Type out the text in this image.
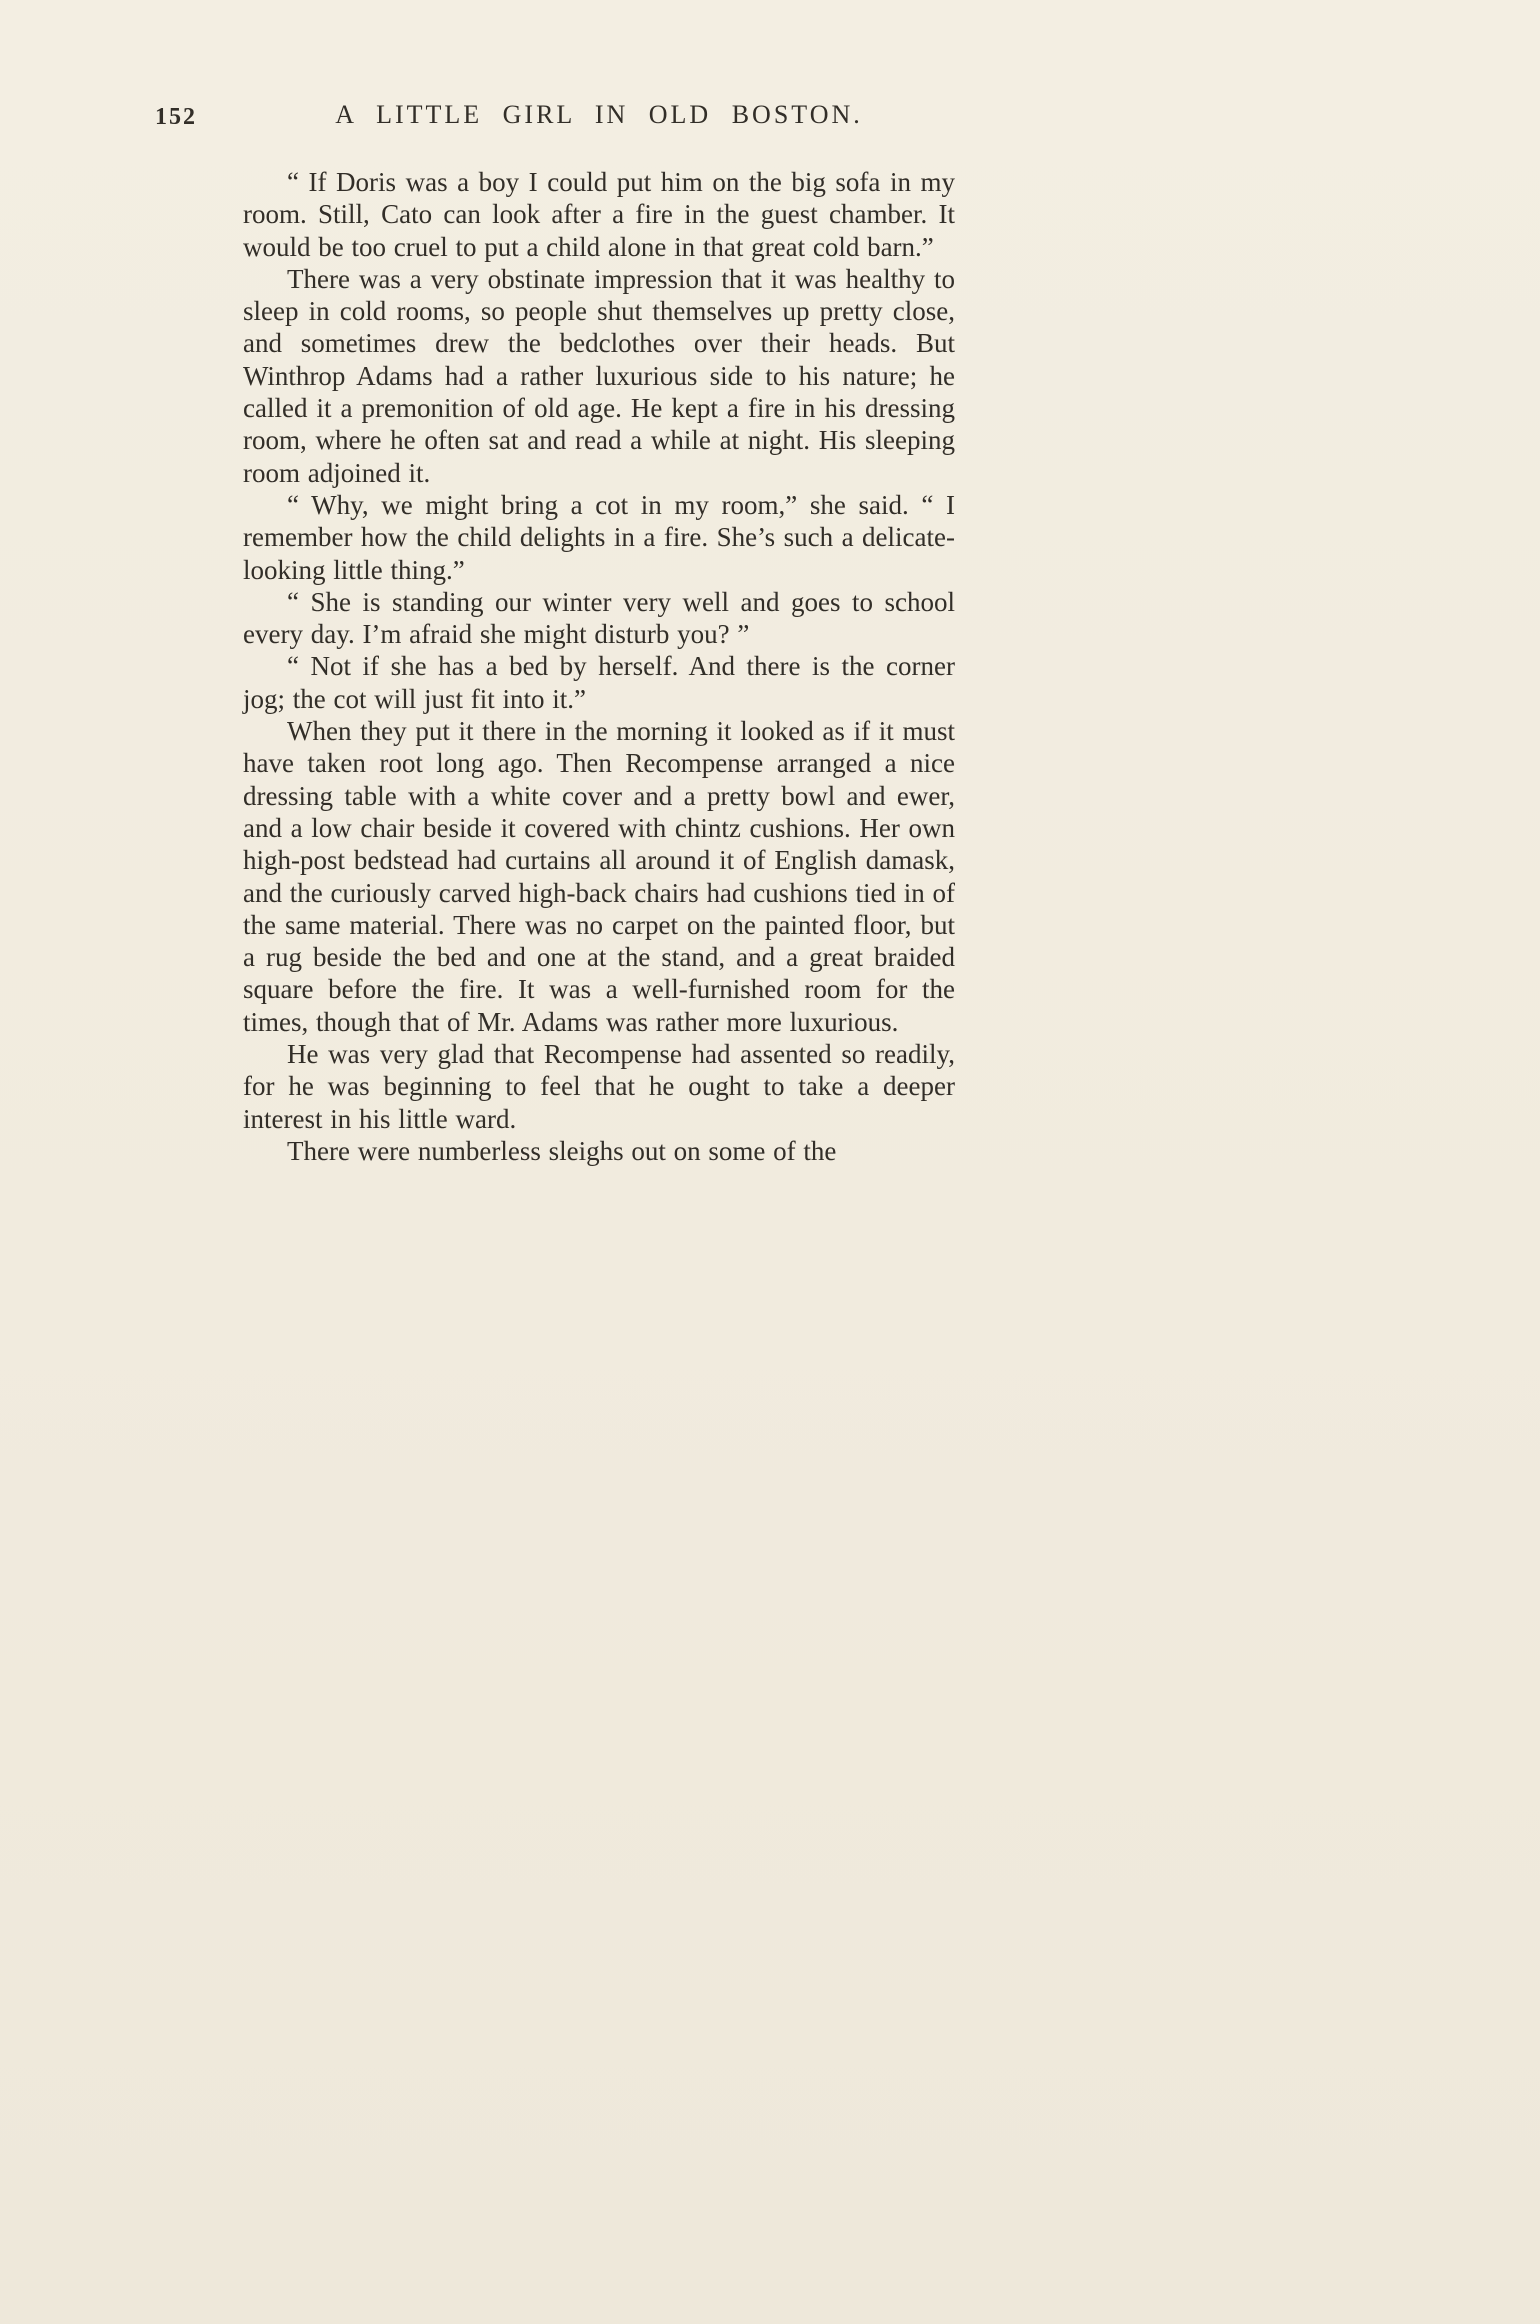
152	A LITTLE GIRL IN OLD BOSTON.

“ If Doris was a boy I could put him on the big sofa in my room. Still, Cato can look after a fire in the guest chamber. It would be too cruel to put a child alone in that great cold barn.”

There was a very obstinate impression that it was healthy to sleep in cold rooms, so people shut themselves up pretty close, and sometimes drew the bedclothes over their heads. But Winthrop Adams had a rather luxurious side to his nature; he called it a premonition of old age. He kept a fire in his dressing room, where he often sat and read a while at night. His sleeping room adjoined it.

“ Why, we might bring a cot in my room,” she said. “ I remember how the child delights in a fire. She’s such a delicate-looking little thing.”

“ She is standing our winter very well and goes to school every day. I’m afraid she might disturb you? ”

“ Not if she has a bed by herself. And there is the corner jog; the cot will just fit into it.”

When they put it there in the morning it looked as if it must have taken root long ago. Then Recompense arranged a nice dressing table with a white cover and a pretty bowl and ewer, and a low chair beside it covered with chintz cushions. Her own high-post bedstead had curtains all around it of English damask, and the curiously carved high-back chairs had cushions tied in of the same material. There was no carpet on the painted floor, but a rug beside the bed and one at the stand, and a great braided square before the fire. It was a well-furnished room for the times, though that of Mr. Adams was rather more luxurious.

He was very glad that Recompense had assented so readily, for he was beginning to feel that he ought to take a deeper interest in his little ward.

There were numberless sleighs out on some of the
